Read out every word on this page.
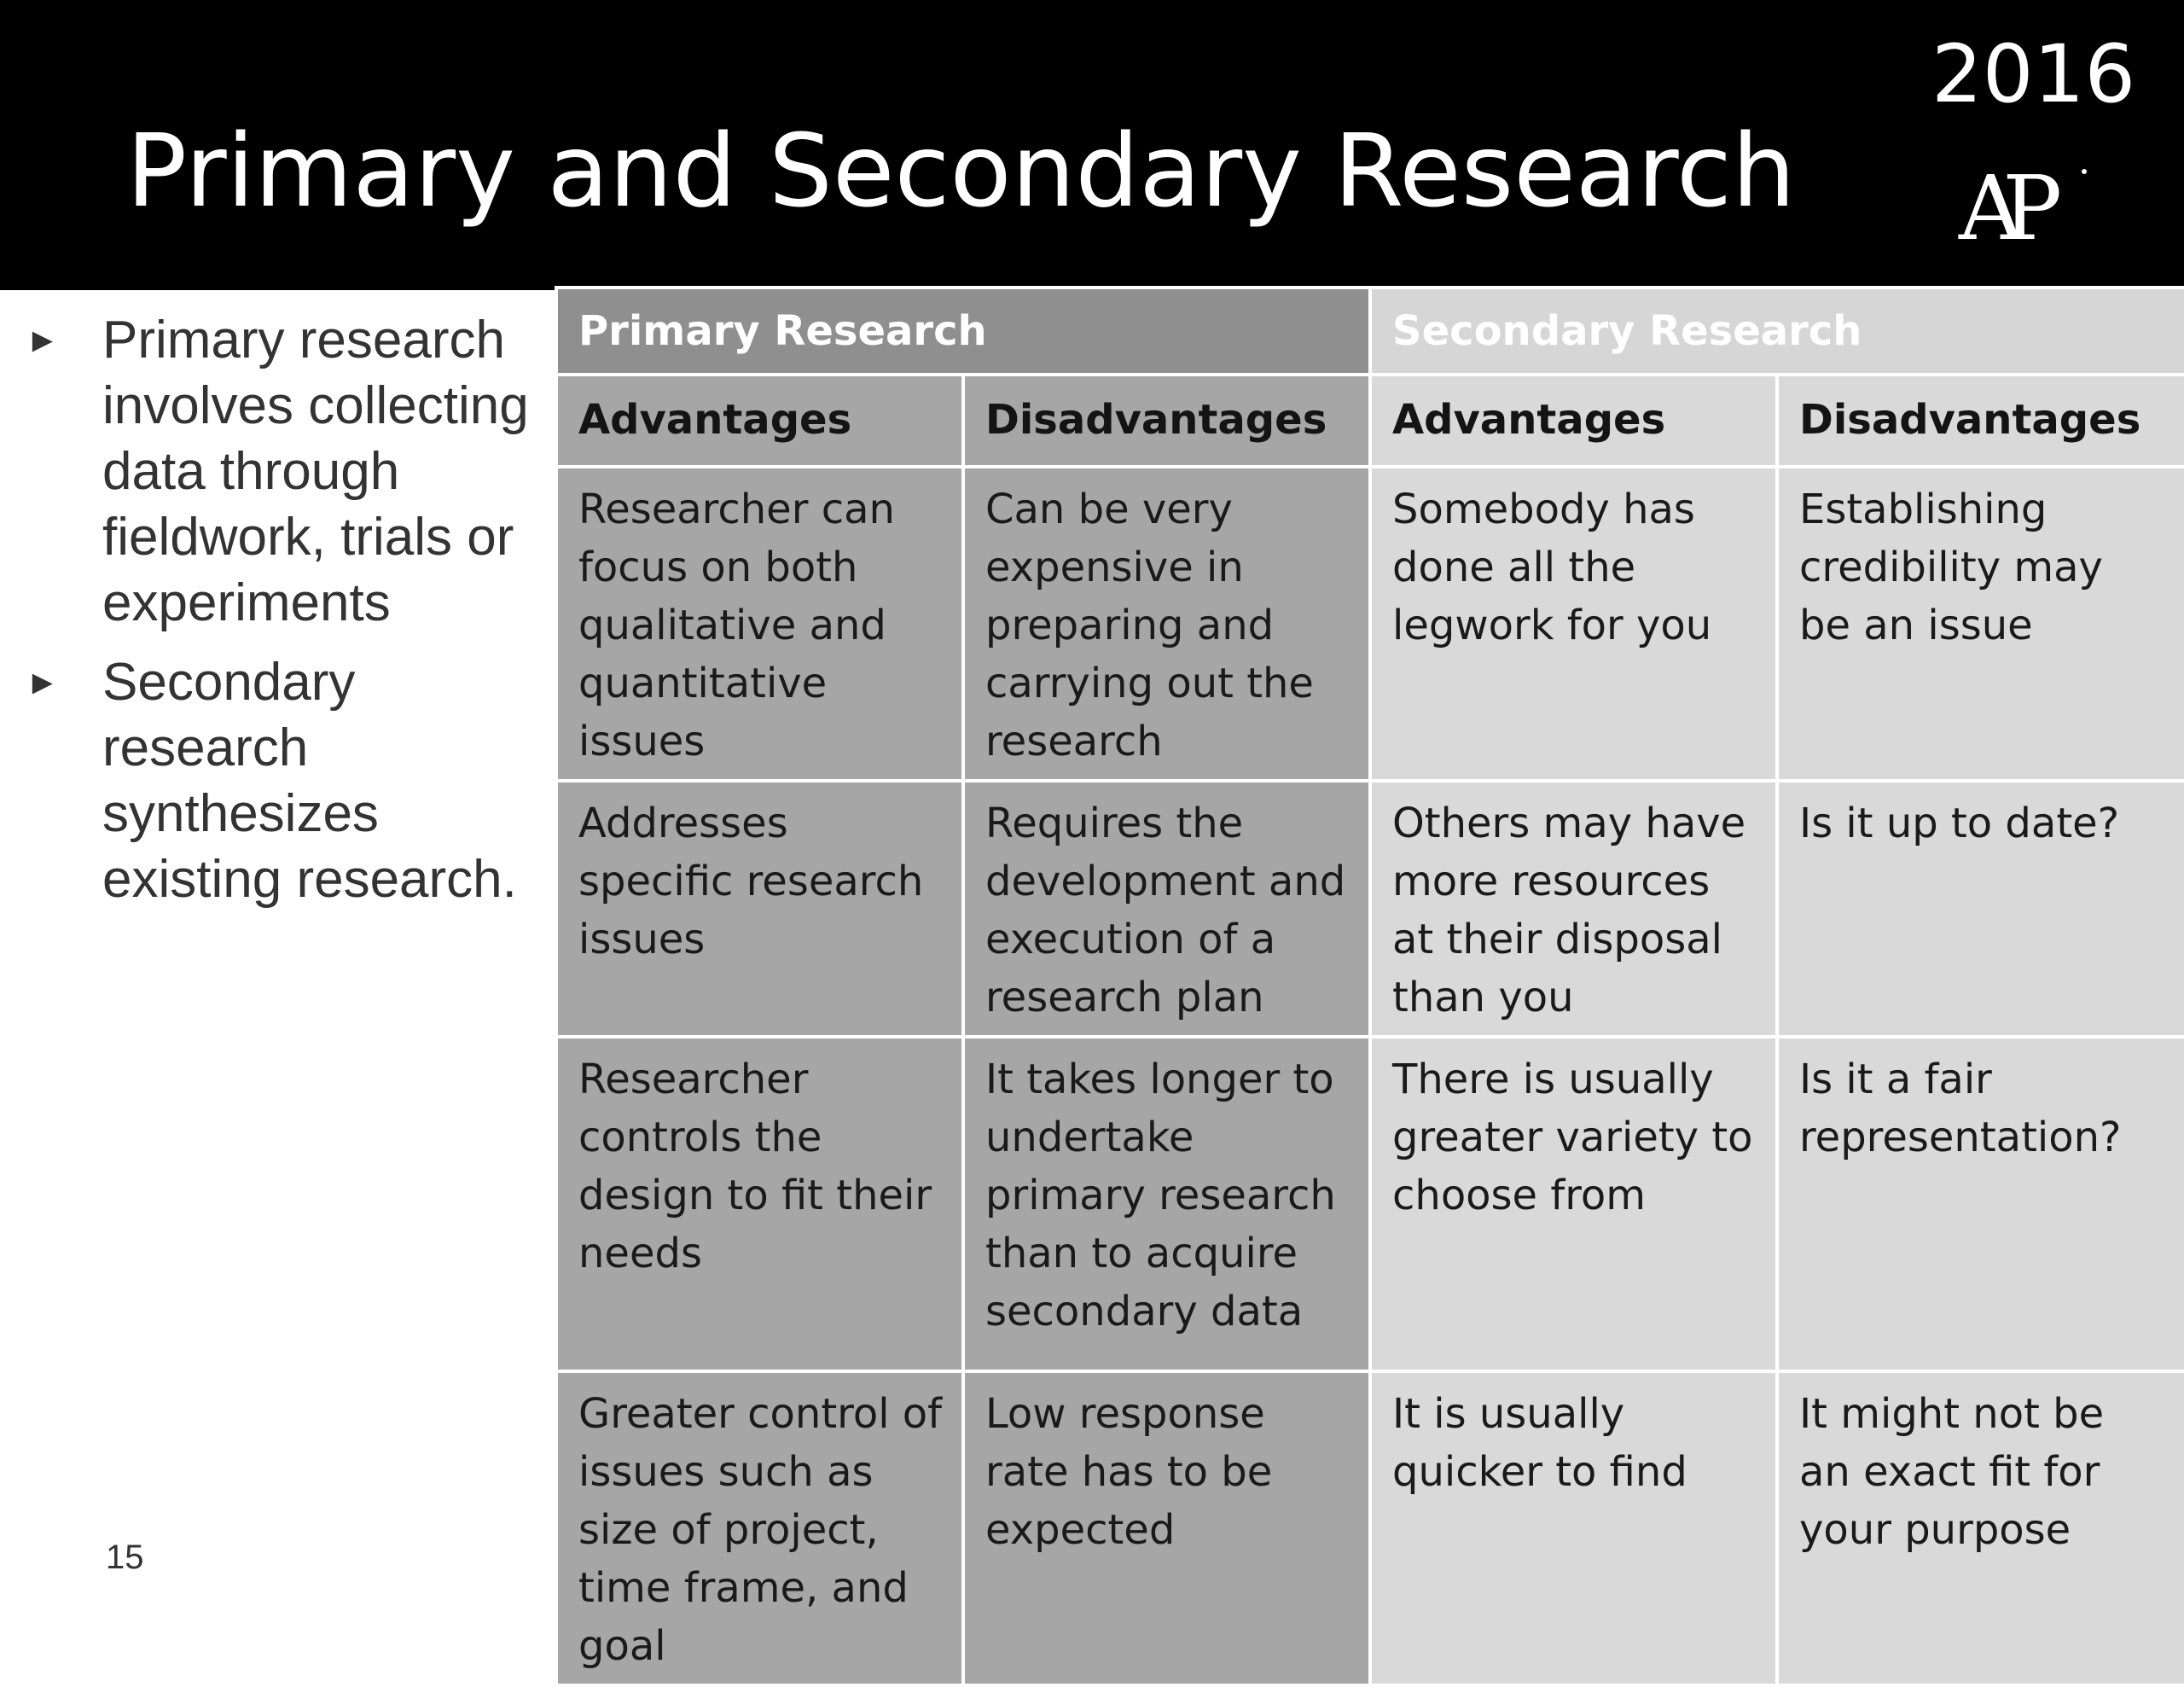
Primary and Secondary Research
2016
AP
► Primary research involves collecting data through fieldwork, trials or experiments
► Secondary research synthesizes existing research.
15
Primary Research		Secondary Research	
Advantages	Disadvantages	Advantages	Disadvantages
Researcher can focus on both qualitative and quantitative issues	Can be very expensive in preparing and carrying out the research	Somebody has done all the legwork for you	Establishing credibility may be an issue
Addresses specific research issues	Requires the development and execution of a research plan	Others may have more resources at their disposal than you	Is it up to date?
Researcher controls the design to fit their needs	It takes longer to undertake primary research than to acquire secondary data	There is usually greater variety to choose from	Is it a fair representation?
Greater control of issues such as size of project, time frame, and goal	Low response rate has to be expected	It is usually quicker to find	It might not be an exact fit for your purpose
